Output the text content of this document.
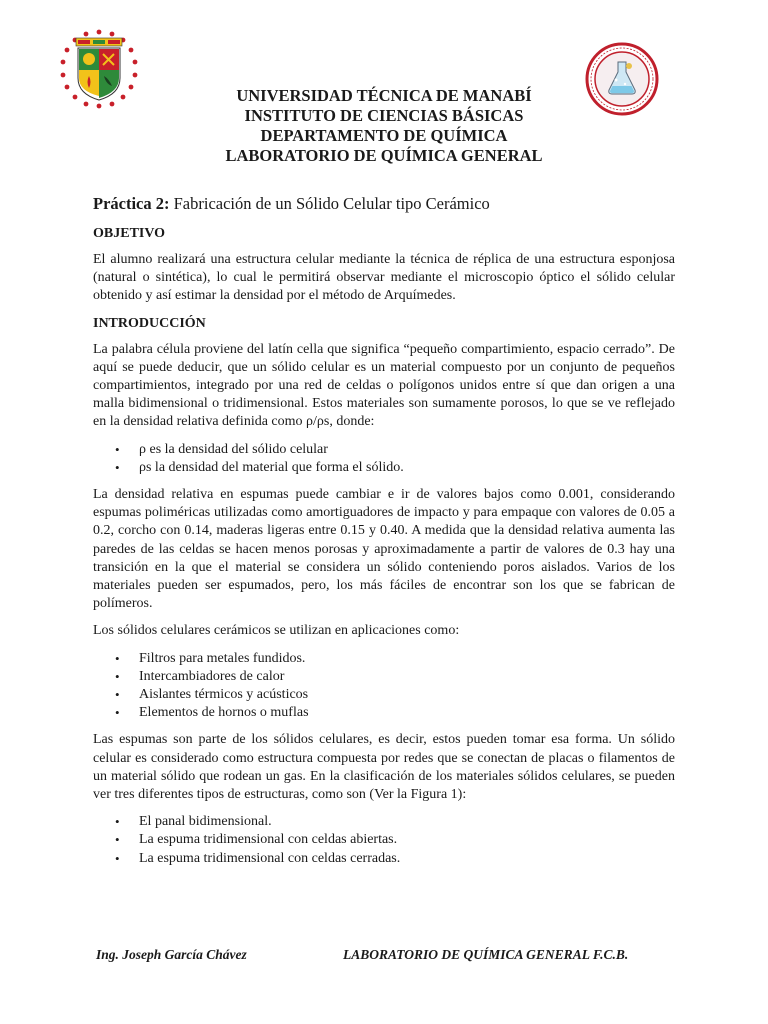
UNIVERSIDAD TÉCNICA DE MANABÍ
INSTITUTO DE CIENCIAS BÁSICAS
DEPARTAMENTO DE QUÍMICA
LABORATORIO DE QUÍMICA GENERAL
Práctica 2: Fabricación de un Sólido Celular tipo Cerámico
OBJETIVO

El alumno realizará una estructura celular mediante la técnica de réplica de una estructura esponjosa (natural o sintética), lo cual le permitirá observar mediante el microscopio óptico el sólido celular obtenido y así estimar la densidad por el método de Arquímedes.

INTRODUCCIÓN

La palabra célula proviene del latín cella que significa “pequeño compartimiento, espacio cerrado”. De aquí se puede deducir, que un sólido celular es un material compuesto por un conjunto de pequeños compartimientos, integrado por una red de celdas o polígonos unidos entre sí que dan origen a una malla bidimensional o tridimensional. Estos materiales son sumamente porosos, lo que se ve reflejado en la densidad relativa definida como ρ/ρs, donde:

• ρ es la densidad del sólido celular
• ρs la densidad del material que forma el sólido.

La densidad relativa en espumas puede cambiar e ir de valores bajos como 0.001, considerando espumas poliméricas utilizadas como amortiguadores de impacto y para empaque con valores de 0.05 a 0.2, corcho con 0.14, maderas ligeras entre 0.15 y 0.40. A medida que la densidad relativa aumenta las paredes de las celdas se hacen menos porosas y aproximadamente a partir de valores de 0.3 hay una transición en la que el material se considera un sólido conteniendo poros aislados. Varios de los materiales pueden ser espumados, pero, los más fáciles de encontrar son los que se fabrican de polímeros.

Los sólidos celulares cerámicos se utilizan en aplicaciones como:

• Filtros para metales fundidos.
• Intercambiadores de calor
• Aislantes térmicos y acústicos
• Elementos de hornos o muflas

Las espumas son parte de los sólidos celulares, es decir, estos pueden tomar esa forma. Un sólido celular es considerado como estructura compuesta por redes que se conectan de placas o filamentos de un material sólido que rodean un gas. En la clasificación de los materiales sólidos celulares, se pueden ver tres diferentes tipos de estructuras, como son (Ver la Figura 1):

• El panal bidimensional.
• La espuma tridimensional con celdas abiertas.
• La espuma tridimensional con celdas cerradas.
Ing. Joseph García Chávez	LABORATORIO DE QUÍMICA GENERAL F.C.B.
